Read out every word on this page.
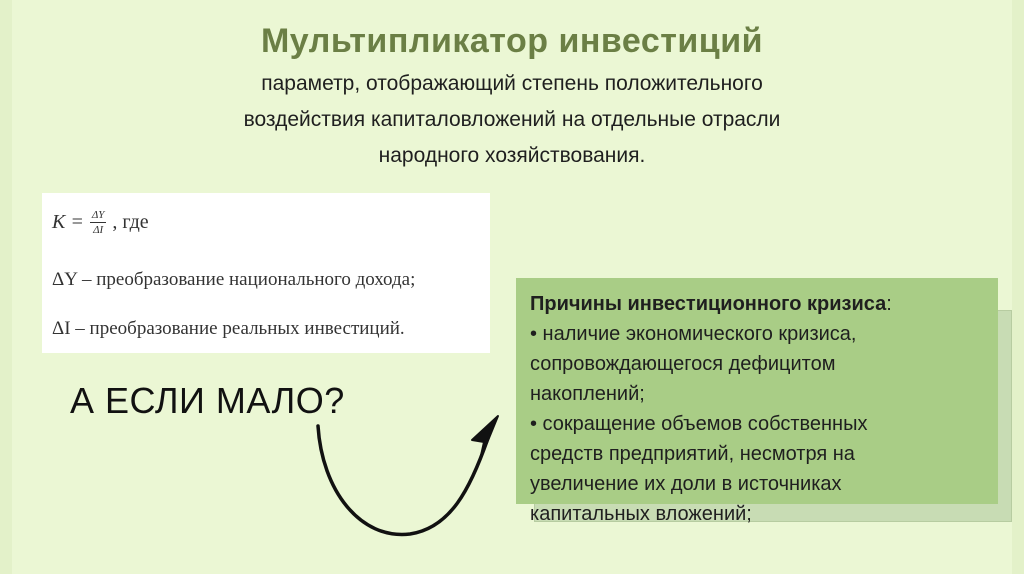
Мультипликатор инвестиций
параметр, отображающий степень положительного
воздействия капиталовложений на отдельные отрасли
народного хозяйствования.
$K = \frac{\Delta Y}{\Delta I}$ , где
ΔY – преобразование национального дохода;
ΔI – преобразование реальных инвестиций.
А ЕСЛИ МАЛО?
Причины инвестиционного кризиса:
• наличие экономического кризиса,
сопровождающегося дефицитом
накоплений;
• сокращение объемов собственных
средств предприятий, несмотря на
увеличение их доли в источниках
капитальных вложений;
